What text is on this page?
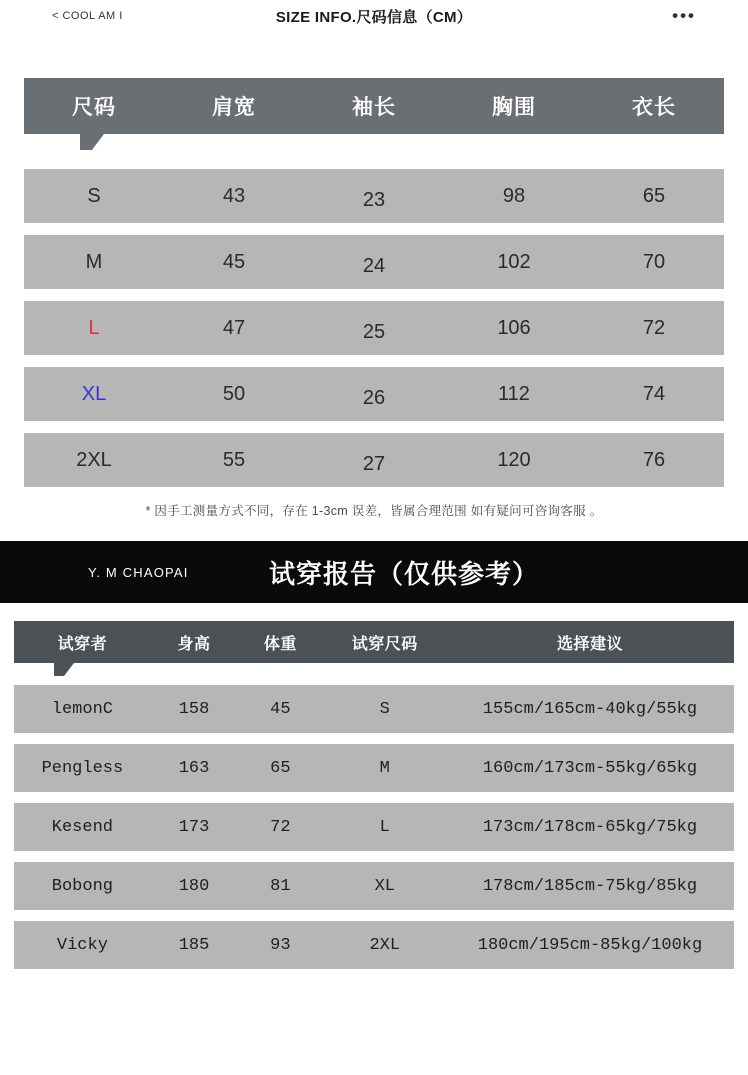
< COOL AM I	SIZE INFO.尺码信息（CM）	•••
尺码	肩宽	袖长	胸围	衣长
S	43	23	98	65
M	45	24	102	70
L	47	25	106	72
XL	50	26	112	74
2XL	55	27	120	76
* 因手工测量方式不同，存在 1-3cm 误差，皆属合理范围 如有疑问可咨询客服 。
Y. M CHAOPAI	试穿报告（仅供参考）
试穿者	身高	体重	试穿尺码	选择建议
lemonC	158	45	S	155cm/165cm-40kg/55kg
Pengless	163	65	M	160cm/173cm-55kg/65kg
Kesend	173	72	L	173cm/178cm-65kg/75kg
Bobong	180	81	XL	178cm/185cm-75kg/85kg
Vicky	185	93	2XL	180cm/195cm-85kg/100kg
